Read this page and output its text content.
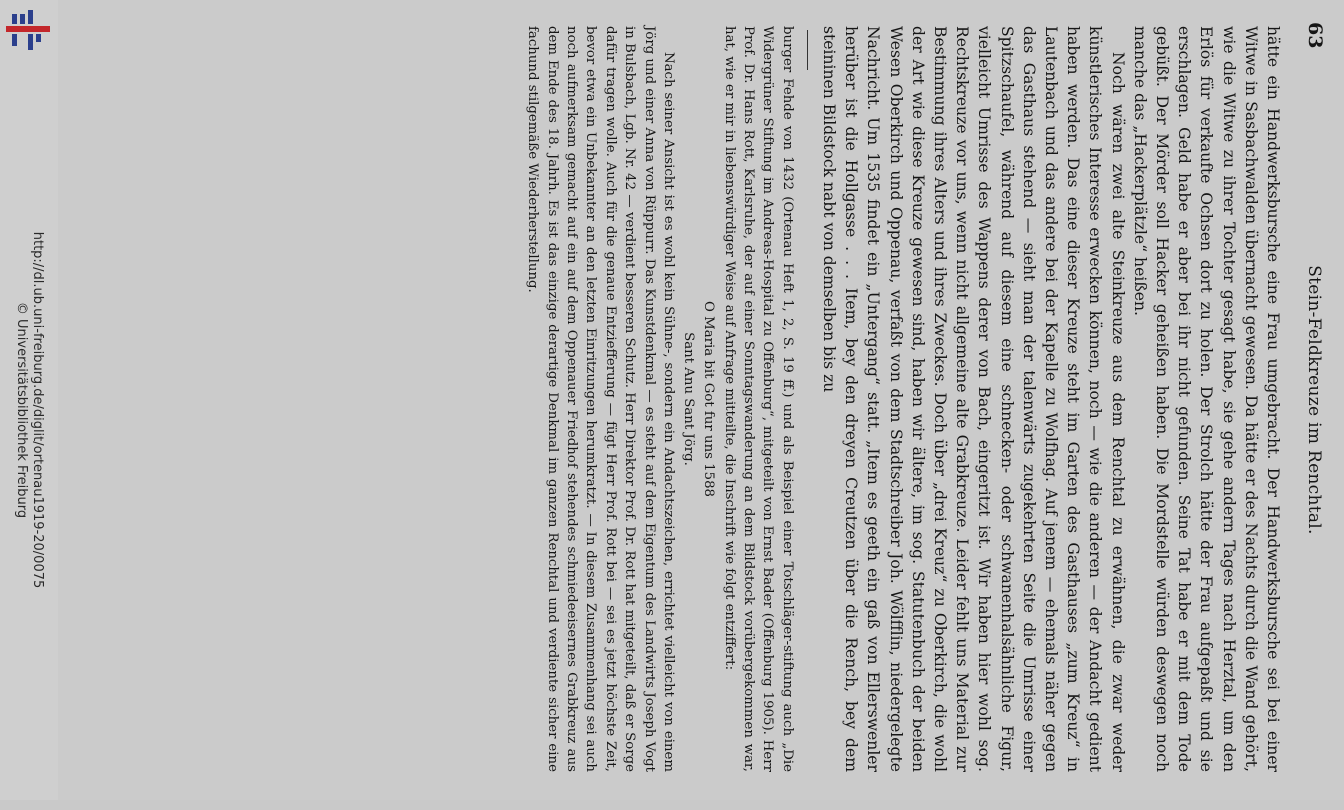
http://dl.ub.uni-freiburg.de/diglit/ortenau1919-20/0075
© Universitätsbibliothek Freiburg
63
Stein-Feldkreuze im Renchtal.

hätte ein Handwerksbursche eine Frau umgebracht. Der Handwerksbursche sei bei einer Witwe in Sasbachwalden übernacht gewesen. Da hätte er des Nachts durch die Wand gehört, wie die Witwe zu ihrer Tochter gesagt habe, sie gehe andern Tages nach Herztal, um den Erlös für verkaufte Ochsen dort zu holen. Der Strolch hätte der Frau aufgepaßt und sie erschlagen. Geld habe er aber bei ihr nicht gefunden. Seine Tat habe er mit dem Tode gebüßt. Der Mörder soll Hacker geheißen haben. Die Mordstelle würden deswegen noch manche das „Hackerplätzle“ heißen.

Noch wären zwei alte Steinkreuze aus dem Renchtal zu erwähnen, die zwar weder künstlerisches Interesse erwecken können, noch — wie die anderen — der Andacht gedient haben werden. Das eine dieser Kreuze steht im Garten des Gasthauses „zum Kreuz“ in Lautenbach und das andere bei der Kapelle zu Wolfhag. Auf jenem — ehemals näher gegen das Gasthaus stehend — sieht man der talenwärts zugekehrten Seite die Umrisse einer Spitzschaufel, während auf diesem eine schnecken- oder schwanenhalsähnliche Figur, vielleicht Umrisse des Wappens derer von Bach, eingeritzt ist. Wir haben hier wohl sog. Rechtskreuze vor uns, wenn nicht allgemeine alte Grabkreuze. Leider fehlt uns Material zur Bestimmung ihres Alters und ihres Zweckes. Doch über „drei Kreuz“ zu Oberkirch, die wohl der Art wie diese Kreuze gewesen sind, haben wir ältere, im sog. Statutenbuch der beiden Wesen Oberkirch und Oppenau, verfaßt von dem Stadtschreiber Joh. Wölfflin, niedergelegte Nachricht. Um 1535 findet ein „Untergang“ statt. „Item es geeth ein gaß von Ellerswenler herüber ist die Hollgasse . . . Item, bey den dreyen Creutzen über die Rench, bey dem steininen Bildstock nabt von demselben bis zu

burger Fehde von 1432 (Ortenau Heft 1, 2, S. 19 ff.) und als Beispiel einer Totschläger-stiftung auch „Die Widergrüner Stiftung im Andreas-Hospital zu Offenburg“, mitgeteilt von Ernst Bader (Offenburg 1905). Herr Prof. Dr. Hans Rott, Karlsruhe, der auf einer Sonntagswanderung an dem Bildstock vorübergekommen war, hat, wie er mir in liebenswürdiger Weise auf Anfrage mitteilte, die Inschrift wie folgt entziffert:

O Maria bit Got fur uns 1588
Sant Anu Sant Jörg.

Nach seiner Ansicht ist es wohl kein Sühne-, sondern ein Andachtszeichen, errichtet vielleicht von einem Jörg und einer Anna von Rüppurr. Das Kunstdenkmal — es steht auf dem Eigentum des Landwirts Joseph Vogt in Bulsbach, Lgb. Nr. 42 — verdient besseren Schutz. Herr Direktor Prof. Dr. Rott hat mitgeteilt, daß er Sorge dafür tragen wolle. Auch für die genaue Entziefferung — fügt Herr Prof. Rott bei — sei es jetzt höchste Zeit, bevor etwa ein Unbekannter an den letzten Einritzungen herumkratzt. — In diesem Zusammenhang sei auch noch aufmerksam gemacht auf ein auf dem Oppenauer Friedhof stehendes schmiedeeisernes Grabkreuz aus dem Ende des 18. Jahrh. Es ist das einzige derartige Denkmal im ganzen Renchtal und verdiente sicher eine fachund stilgemäße Wiederherstellung.
